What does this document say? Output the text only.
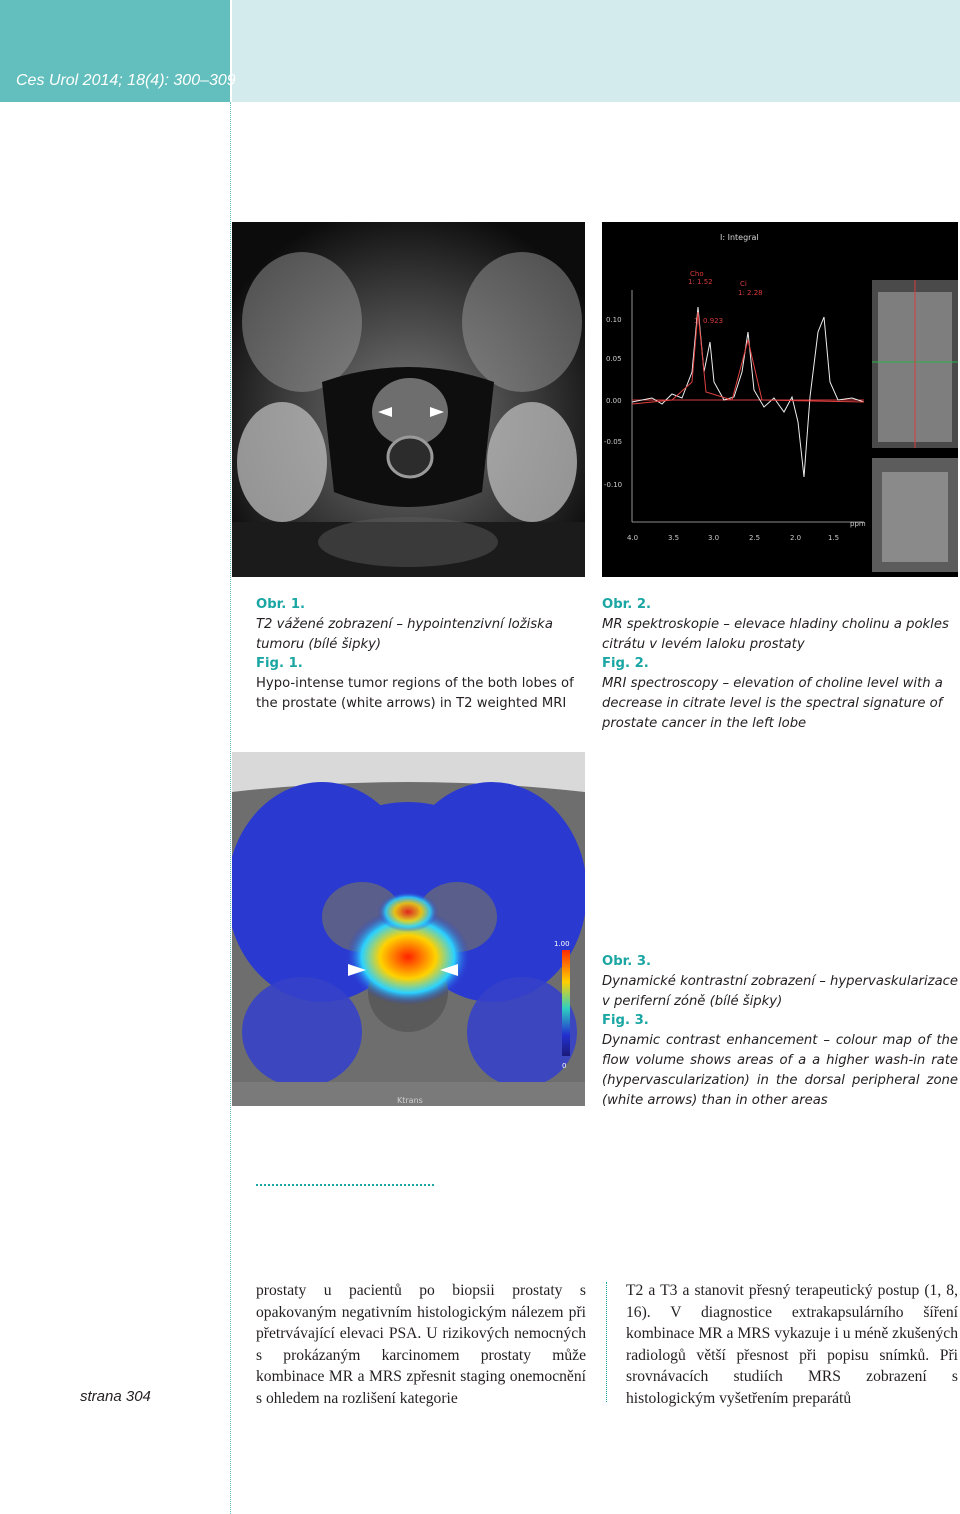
Ces Urol 2014; 18(4): 300–309
I: Integral
0.10
0.05
0.00
-0.05
-0.10
4.0	3.5	3.0	2.5	2.0	1.5
ppm
Cho
1: 1.52	Ci
1: 2.28
1: 0.923
Obr. 1.
T2 vážené zobrazení – hypointenzivní ložiska tumoru (bílé šipky)
Fig. 1.
Hypo-intense tumor regions of the both lobes of the prostate (white arrows) in T2 weighted MRI
Obr. 2.
MR spektroskopie – elevace hladiny cholinu a pokles citrátu v levém laloku prostaty
Fig. 2.
MRI spectroscopy – elevation of choline level with a decrease in citrate level is the spectral signature of prostate cancer in the left lobe
Ktrans
1.00
0
Obr. 3.
Dynamické kontrastní zobrazení – hypervaskularizace v periferní zóně (bílé šipky)
Fig. 3.
Dynamic contrast enhancement – colour map of the flow volume shows areas of a a higher wash-in rate (hypervascularization) in the dorsal peripheral zone (white arrows) than in other areas
prostaty u pacientů po biopsii prostaty s opakovaným negativním histologickým nálezem při přetrvávající elevaci PSA. U rizikových nemocných s prokázaným karcinomem prostaty může kombinace MR a MRS zpřesnit staging onemocnění s ohledem na rozlišení kategorie
T2 a T3 a stanovit přesný terapeutický postup (1, 8, 16). V diagnostice extrakapsulárního šíření kombinace MR a MRS vykazuje i u méně zkušených radiologů větší přesnost při popisu snímků. Při srovnávacích studiích MRS zobrazení s histologickým vyšetřením preparátů
strana 304
